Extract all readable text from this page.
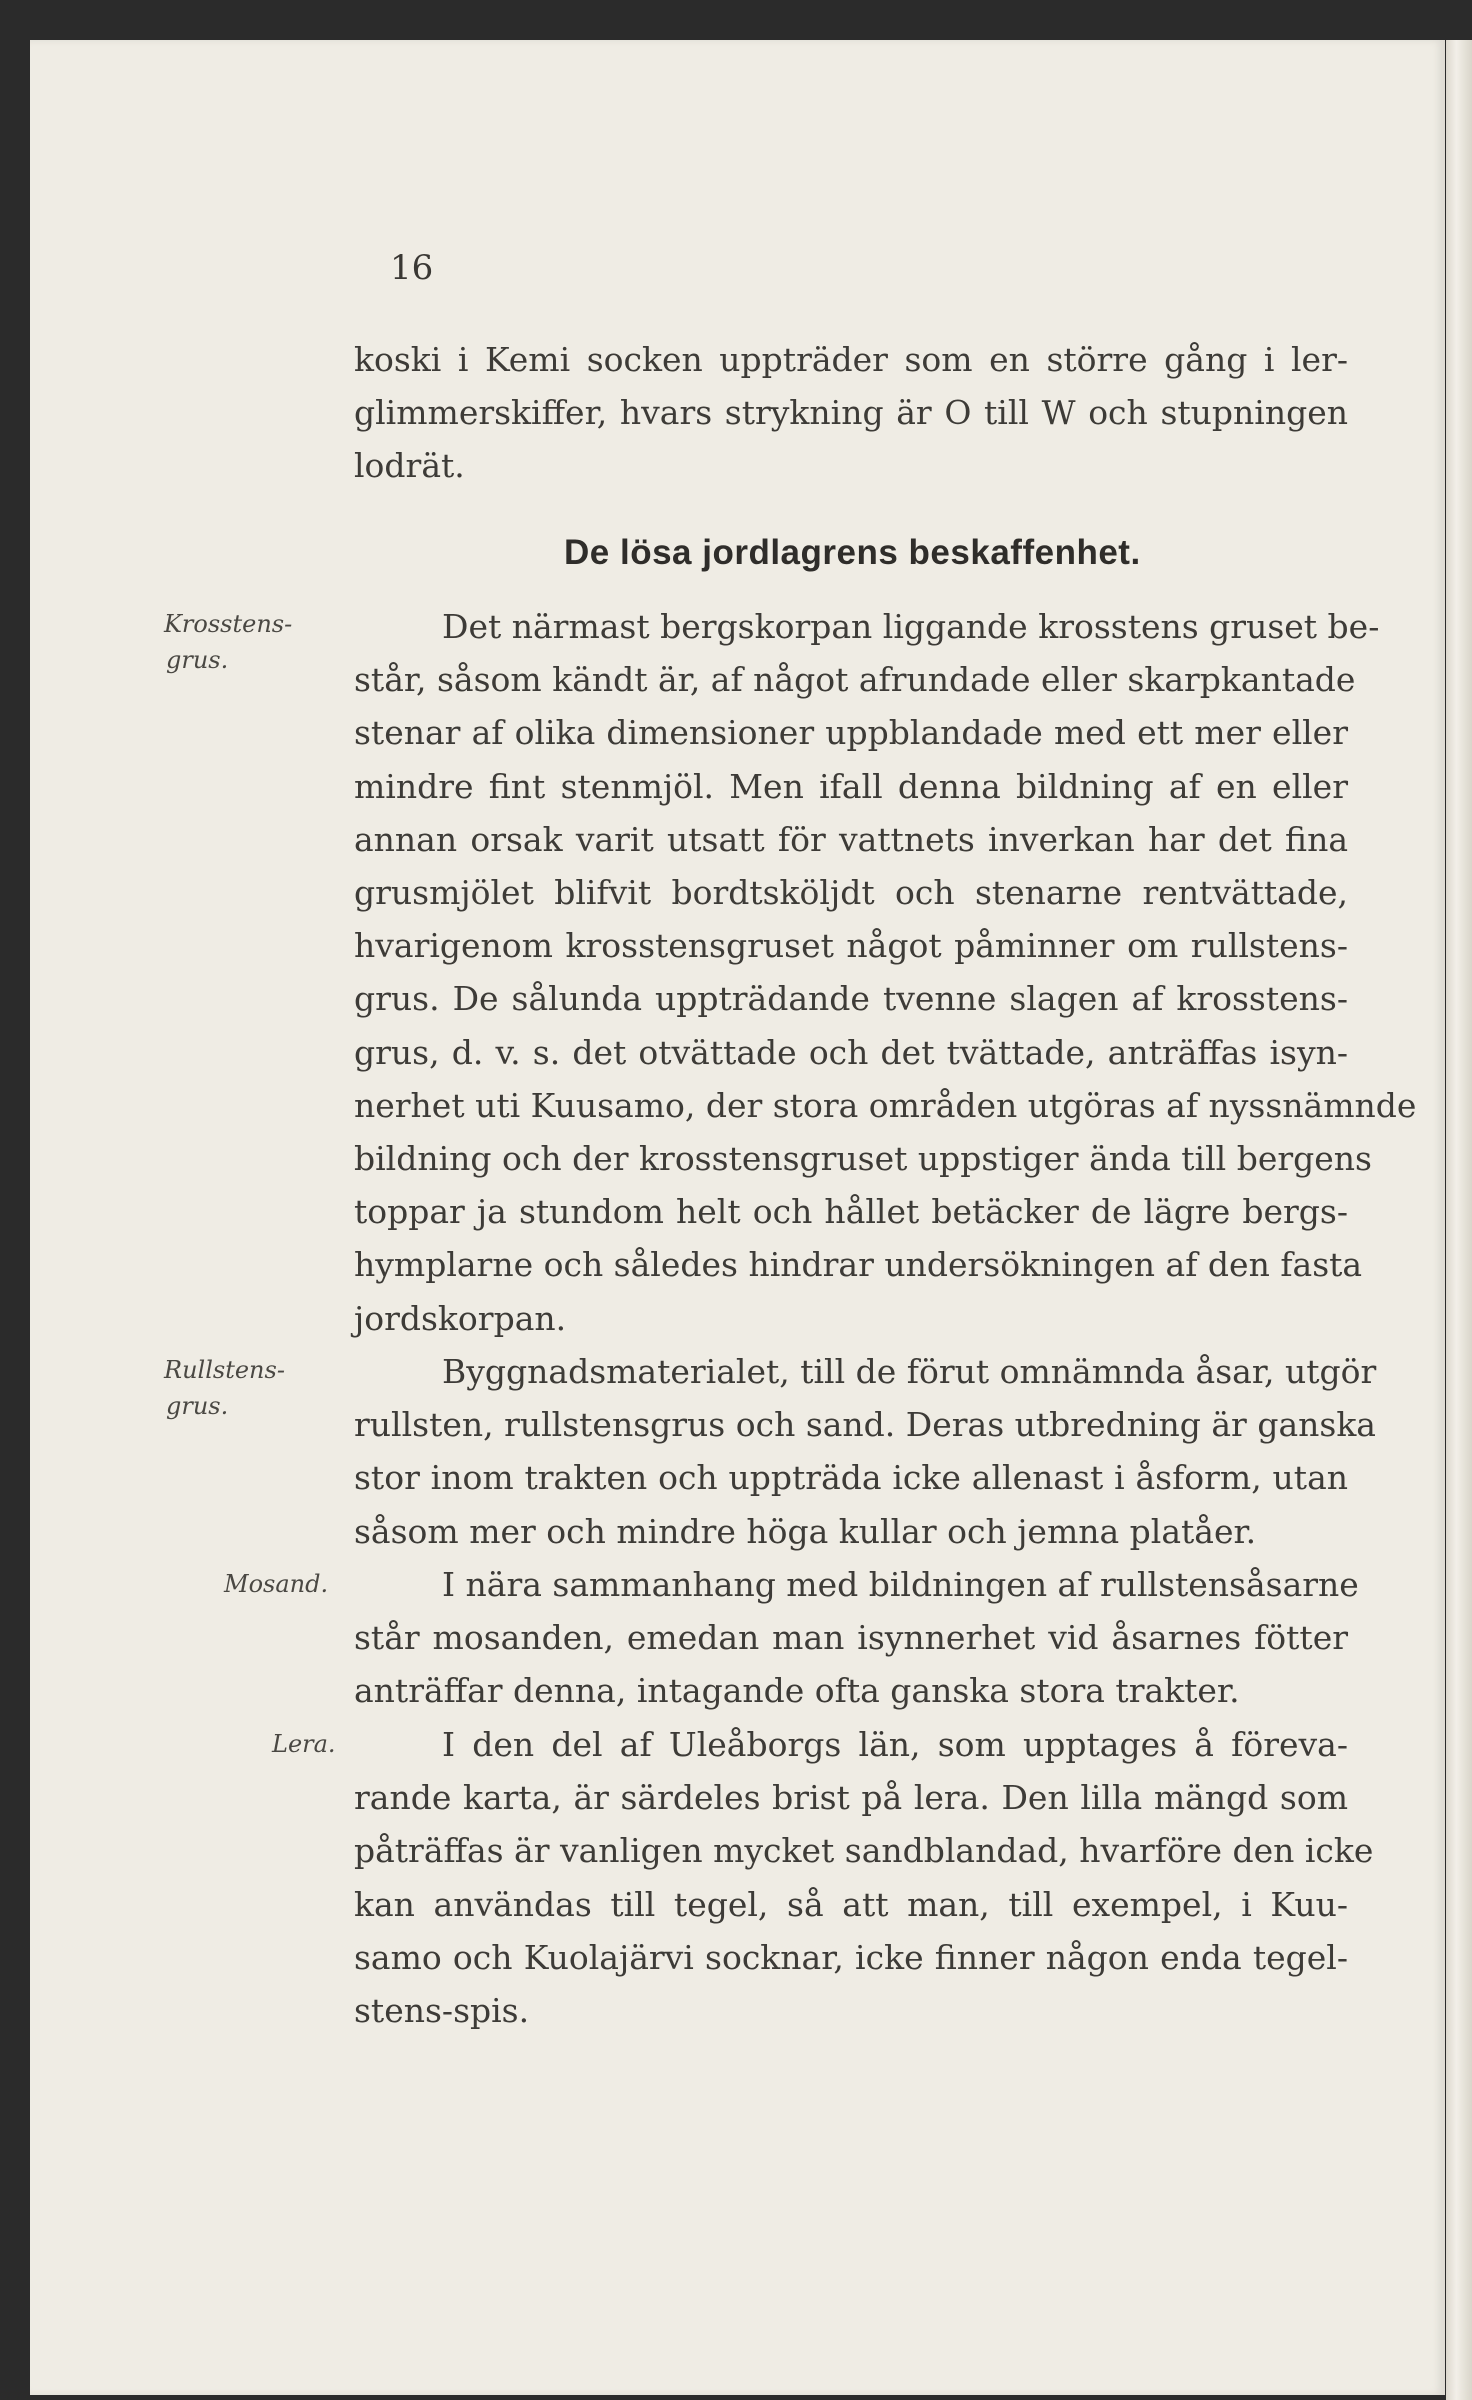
16
koski i Kemi socken uppträder som en större gång i ler-
glimmerskiffer, hvars strykning är O till W och stupningen
lodrät.
De lösa jordlagrens beskaffenhet.
Krosstens-
grus.
Det närmast bergskorpan liggande krosstens gruset be-
står, såsom kändt är, af något afrundade eller skarpkantade
stenar af olika dimensioner uppblandade med ett mer eller
mindre fint stenmjöl. Men ifall denna bildning af en eller
annan orsak varit utsatt för vattnets inverkan har det fina
grusmjölet blifvit bordtsköljdt och stenarne rentvättade,
hvarigenom krosstensgruset något påminner om rullstens-
grus. De sålunda uppträdande tvenne slagen af krosstens-
grus, d. v. s. det otvättade och det tvättade, anträffas isyn-
nerhet uti Kuusamo, der stora områden utgöras af nyssnämnde
bildning och der krosstensgruset uppstiger ända till bergens
toppar ja stundom helt och hållet betäcker de lägre bergs-
hymplarne och således hindrar undersökningen af den fasta
jordskorpan.
Rullstens-
grus.
Byggnadsmaterialet, till de förut omnämnda åsar, utgör
rullsten, rullstensgrus och sand. Deras utbredning är ganska
stor inom trakten och uppträda icke allenast i åsform, utan
såsom mer och mindre höga kullar och jemna platåer.
Mosand.	I nära sammanhang med bildningen af rullstensåsarne
står mosanden, emedan man isynnerhet vid åsarnes fötter
anträffar denna, intagande ofta ganska stora trakter.
Lera.	I den del af Uleåborgs län, som upptages å föreva-
rande karta, är särdeles brist på lera. Den lilla mängd som
påträffas är vanligen mycket sandblandad, hvarföre den icke
kan användas till tegel, så att man, till exempel, i Kuu-
samo och Kuolajärvi socknar, icke finner någon enda tegel-
stens-spis.
